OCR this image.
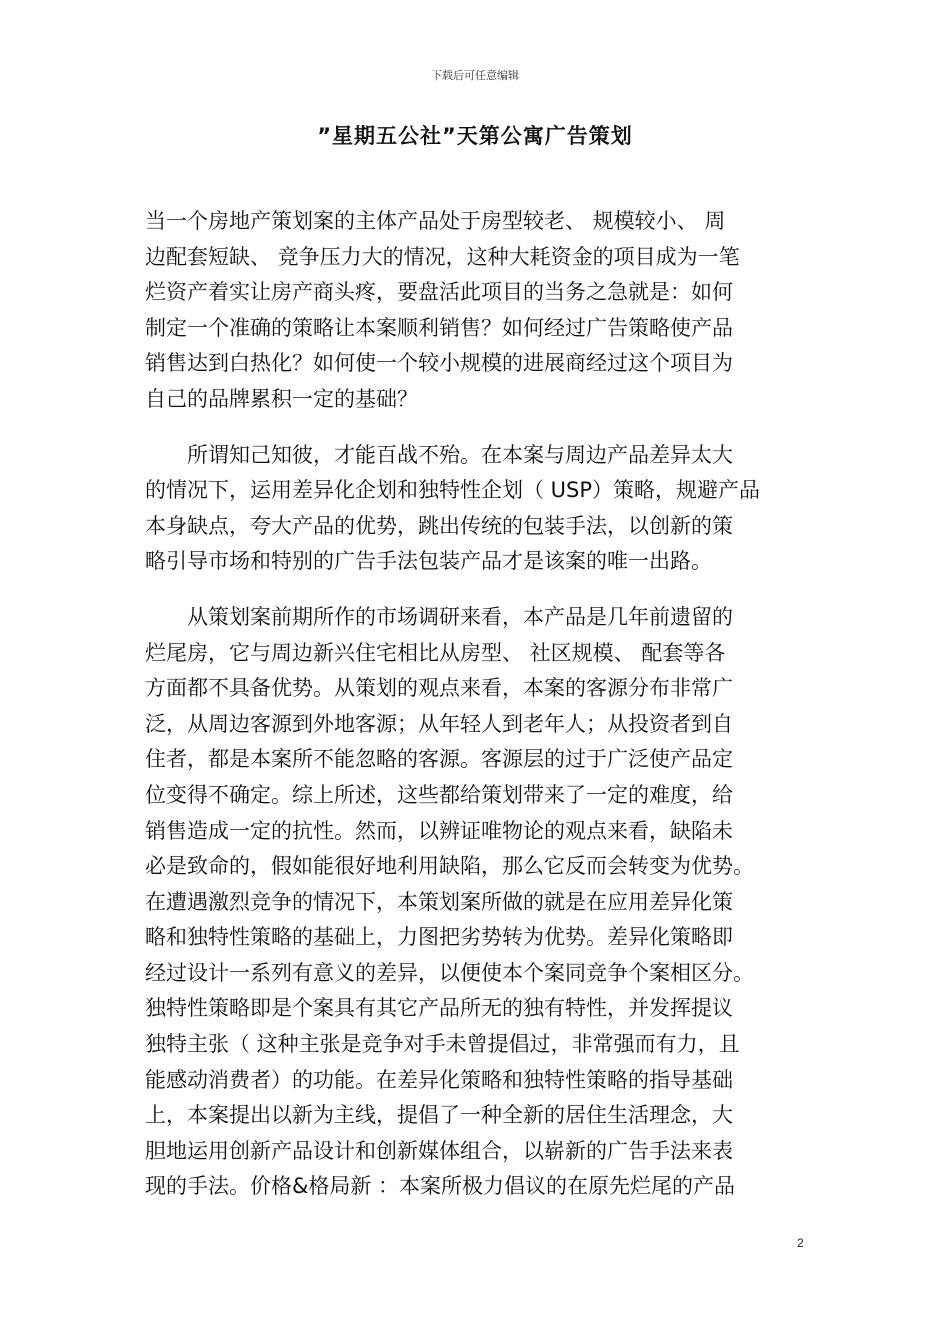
下载后可任意编辑
”星期五公社”天第公寓广告策划
当一个房地产策划案的主体产品处于房型较老、 规模较小、 周
边配套短缺、 竞争压力大的情况，这种大耗资金的项目成为一笔
烂资产着实让房产商头疼，要盘活此项目的当务之急就是：如何
制定一个准确的策略让本案顺利销售？如何经过广告策略使产品
销售达到白热化？如何使一个较小规模的进展商经过这个项目为
自己的品牌累积一定的基础？
　　所谓知己知彼，才能百战不殆。在本案与周边产品差异太大
的情况下，运用差异化企划和独特性企划（ USP）策略，规避产品
本身缺点，夸大产品的优势，跳出传统的包装手法，以创新的策
略引导市场和特别的广告手法包装产品才是该案的唯一出路。
　　从策划案前期所作的市场调研来看，本产品是几年前遗留的
烂尾房，它与周边新兴住宅相比从房型、 社区规模、 配套等各
方面都不具备优势。从策划的观点来看，本案的客源分布非常广
泛，从周边客源到外地客源；从年轻人到老年人；从投资者到自
住者，都是本案所不能忽略的客源。客源层的过于广泛使产品定
位变得不确定。综上所述，这些都给策划带来了一定的难度，给
销售造成一定的抗性。然而，以辨证唯物论的观点来看，缺陷未
必是致命的，假如能很好地利用缺陷，那么它反而会转变为优势。
在遭遇激烈竞争的情况下，本策划案所做的就是在应用差异化策
略和独特性策略的基础上，力图把劣势转为优势。差异化策略即
经过设计一系列有意义的差异，以便使本个案同竞争个案相区分。
独特性策略即是个案具有其它产品所无的独有特性，并发挥提议
独特主张（ 这种主张是竞争对手未曾提倡过，非常强而有力，且
能感动消费者）的功能。在差异化策略和独特性策略的指导基础
上，本案提出以新为主线，提倡了一种全新的居住生活理念，大
胆地运用创新产品设计和创新媒体组合，以崭新的广告手法来表
现的手法。价格&格局新 ：本案所极力倡议的在原先烂尾的产品
2
